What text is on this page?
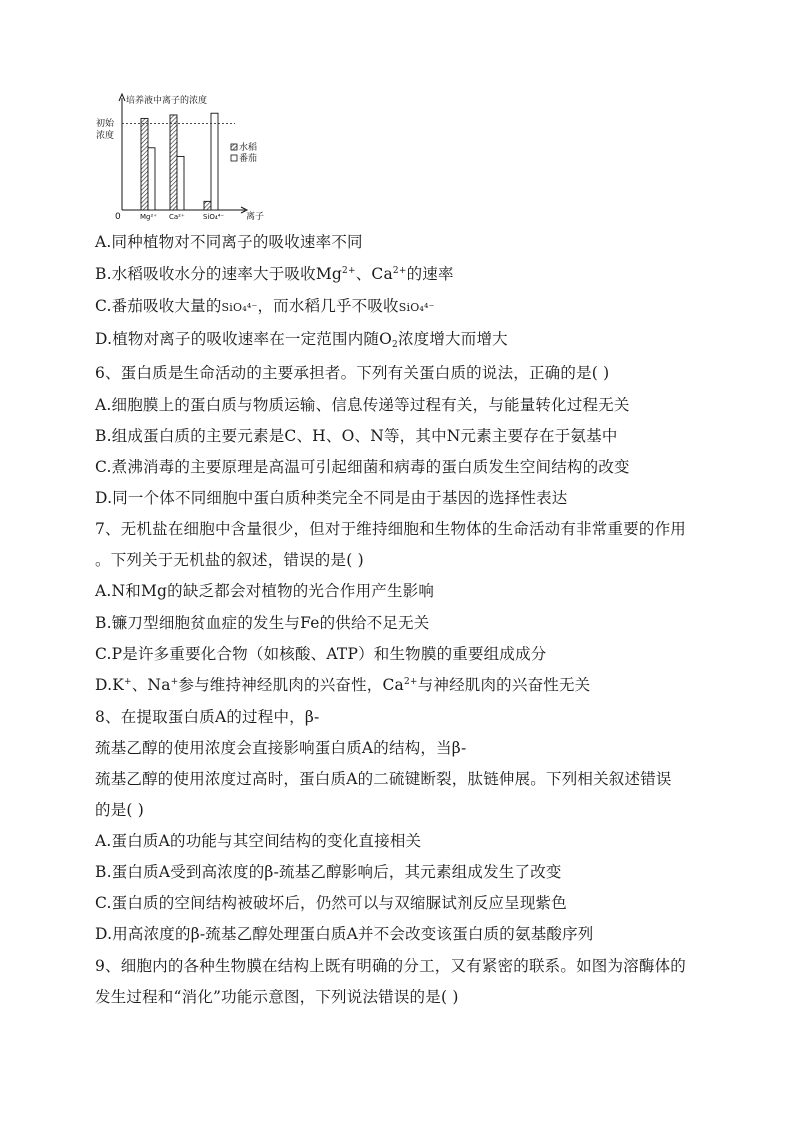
培养液中离子的浓度
初始
浓度
0	离子
Mg²⁺ Ca²⁺	SiO₄⁴⁻
水稻
番茄
A.同种植物对不同离子的吸收速率不同
B.水稻吸收水分的速率大于吸收$Mg^{2+}$、$Ca^{2+}$的速率
C.番茄吸收大量的SiO₄⁴⁻，而水稻几乎不吸收SiO₄⁴⁻
D.植物对离子的吸收速率在一定范围内随$O_2$浓度增大而增大
6、蛋白质是生命活动的主要承担者。下列有关蛋白质的说法，正确的是( )
A.细胞膜上的蛋白质与物质运输、信息传递等过程有关，与能量转化过程无关
B.组成蛋白质的主要元素是C、H、O、N等，其中N元素主要存在于氨基中
C.煮沸消毒的主要原理是高温可引起细菌和病毒的蛋白质发生空间结构的改变
D.同一个体不同细胞中蛋白质种类完全不同是由于基因的选择性表达
7、无机盐在细胞中含量很少，但对于维持细胞和生物体的生命活动有非常重要的作用
。下列关于无机盐的叙述，错误的是( )
A.N和Mg的缺乏都会对植物的光合作用产生影响
B.镰刀型细胞贫血症的发生与Fe的供给不足无关
C.P是许多重要化合物（如核酸、ATP）和生物膜的重要组成成分
D.K+、Na+参与维持神经肌肉的兴奋性，$Ca^{2+}$与神经肌肉的兴奋性无关
8、在提取蛋白质A的过程中，β-
巯基乙醇的使用浓度会直接影响蛋白质A的结构，当β-
巯基乙醇的使用浓度过高时，蛋白质A的二硫键断裂，肽链伸展。下列相关叙述错误
的是( )
A.蛋白质A的功能与其空间结构的变化直接相关
B.蛋白质A受到高浓度的β-巯基乙醇影响后，其元素组成发生了改变
C.蛋白质的空间结构被破坏后，仍然可以与双缩脲试剂反应呈现紫色
D.用高浓度的β-巯基乙醇处理蛋白质A并不会改变该蛋白质的氨基酸序列
9、细胞内的各种生物膜在结构上既有明确的分工，又有紧密的联系。如图为溶酶体的
发生过程和“消化”功能示意图，下列说法错误的是( )
